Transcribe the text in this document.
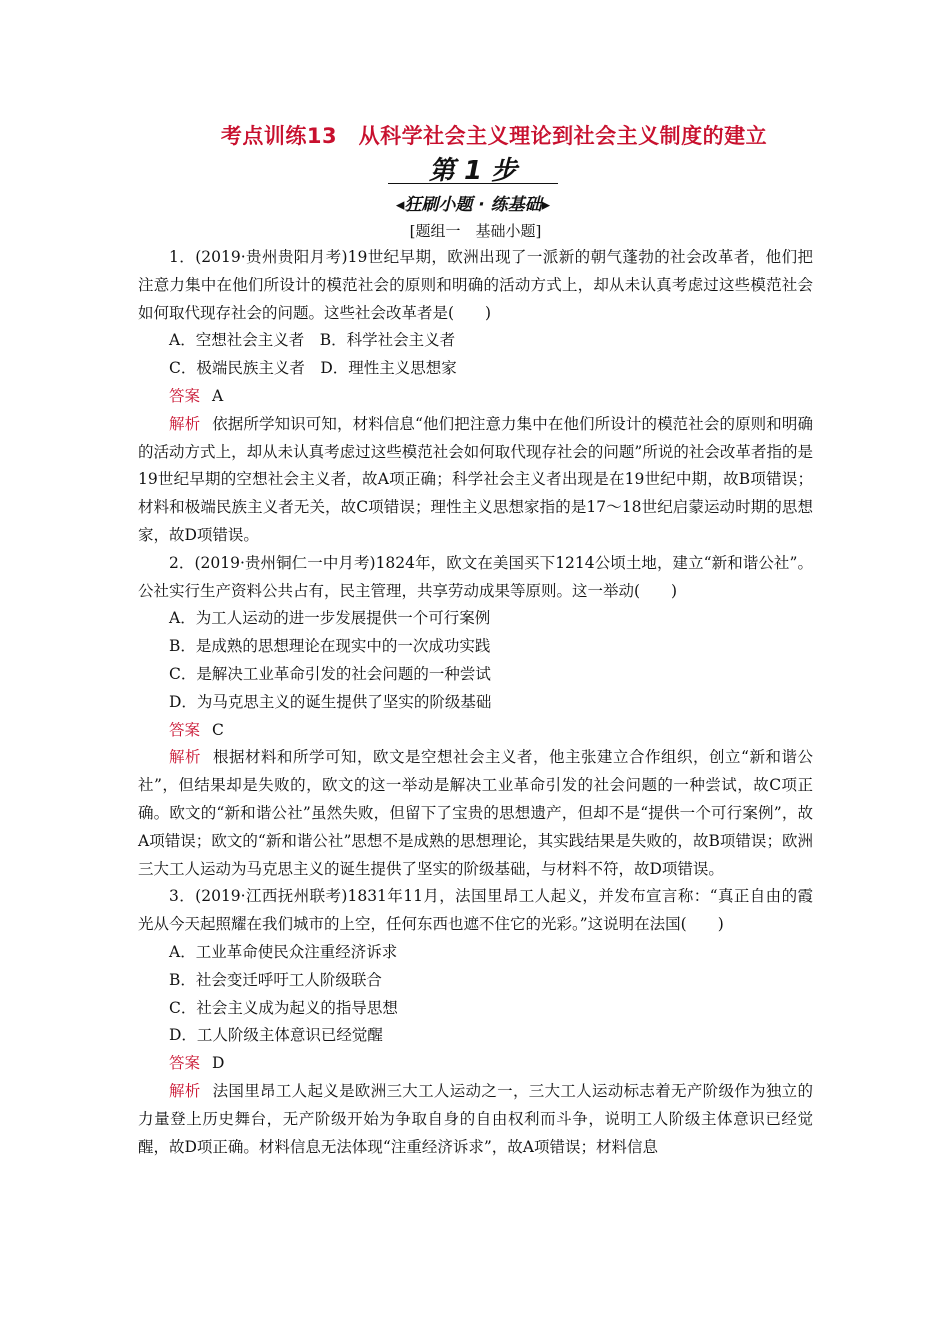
考点训练13　从科学社会主义理论到社会主义制度的建立
第 1 步
◂狂刷小题 · 练基础▸
[题组一　基础小题]

1．(2019·贵州贵阳月考)19世纪早期，欧洲出现了一派新的朝气蓬勃的社会改革者，他们把注意力集中在他们所设计的模范社会的原则和明确的活动方式上，却从未认真考虑过这些模范社会如何取代现存社会的问题。这些社会改革者是(　　)

A．空想社会主义者　B．科学社会主义者

C．极端民族主义者　D．理性主义思想家

答案 A

解析 依据所学知识可知，材料信息“他们把注意力集中在他们所设计的模范社会的原则和明确的活动方式上，却从未认真考虑过这些模范社会如何取代现存社会的问题”所说的社会改革者指的是19世纪早期的空想社会主义者，故A项正确；科学社会主义者出现是在19世纪中期，故B项错误；材料和极端民族主义者无关，故C项错误；理性主义思想家指的是17～18世纪启蒙运动时期的思想家，故D项错误。

2．(2019·贵州铜仁一中月考)1824年，欧文在美国买下1214公顷土地，建立“新和谐公社”。公社实行生产资料公共占有，民主管理，共享劳动成果等原则。这一举动(　　)

A．为工人运动的进一步发展提供一个可行案例

B．是成熟的思想理论在现实中的一次成功实践

C．是解决工业革命引发的社会问题的一种尝试

D．为马克思主义的诞生提供了坚实的阶级基础

答案 C

解析 根据材料和所学可知，欧文是空想社会主义者，他主张建立合作组织，创立“新和谐公社”，但结果却是失败的，欧文的这一举动是解决工业革命引发的社会问题的一种尝试，故C项正确。欧文的“新和谐公社”虽然失败，但留下了宝贵的思想遗产，但却不是“提供一个可行案例”，故A项错误；欧文的“新和谐公社”思想不是成熟的思想理论，其实践结果是失败的，故B项错误；欧洲三大工人运动为马克思主义的诞生提供了坚实的阶级基础，与材料不符，故D项错误。

3．(2019·江西抚州联考)1831年11月，法国里昂工人起义，并发布宣言称：“真正自由的霞光从今天起照耀在我们城市的上空，任何东西也遮不住它的光彩。”这说明在法国(　　)

A．工业革命使民众注重经济诉求

B．社会变迁呼吁工人阶级联合

C．社会主义成为起义的指导思想

D．工人阶级主体意识已经觉醒

答案 D

解析 法国里昂工人起义是欧洲三大工人运动之一，三大工人运动标志着无产阶级作为独立的力量登上历史舞台，无产阶级开始为争取自身的自由权利而斗争，说明工人阶级主体意识已经觉醒，故D项正确。材料信息无法体现“注重经济诉求”，故A项错误；材料信息
